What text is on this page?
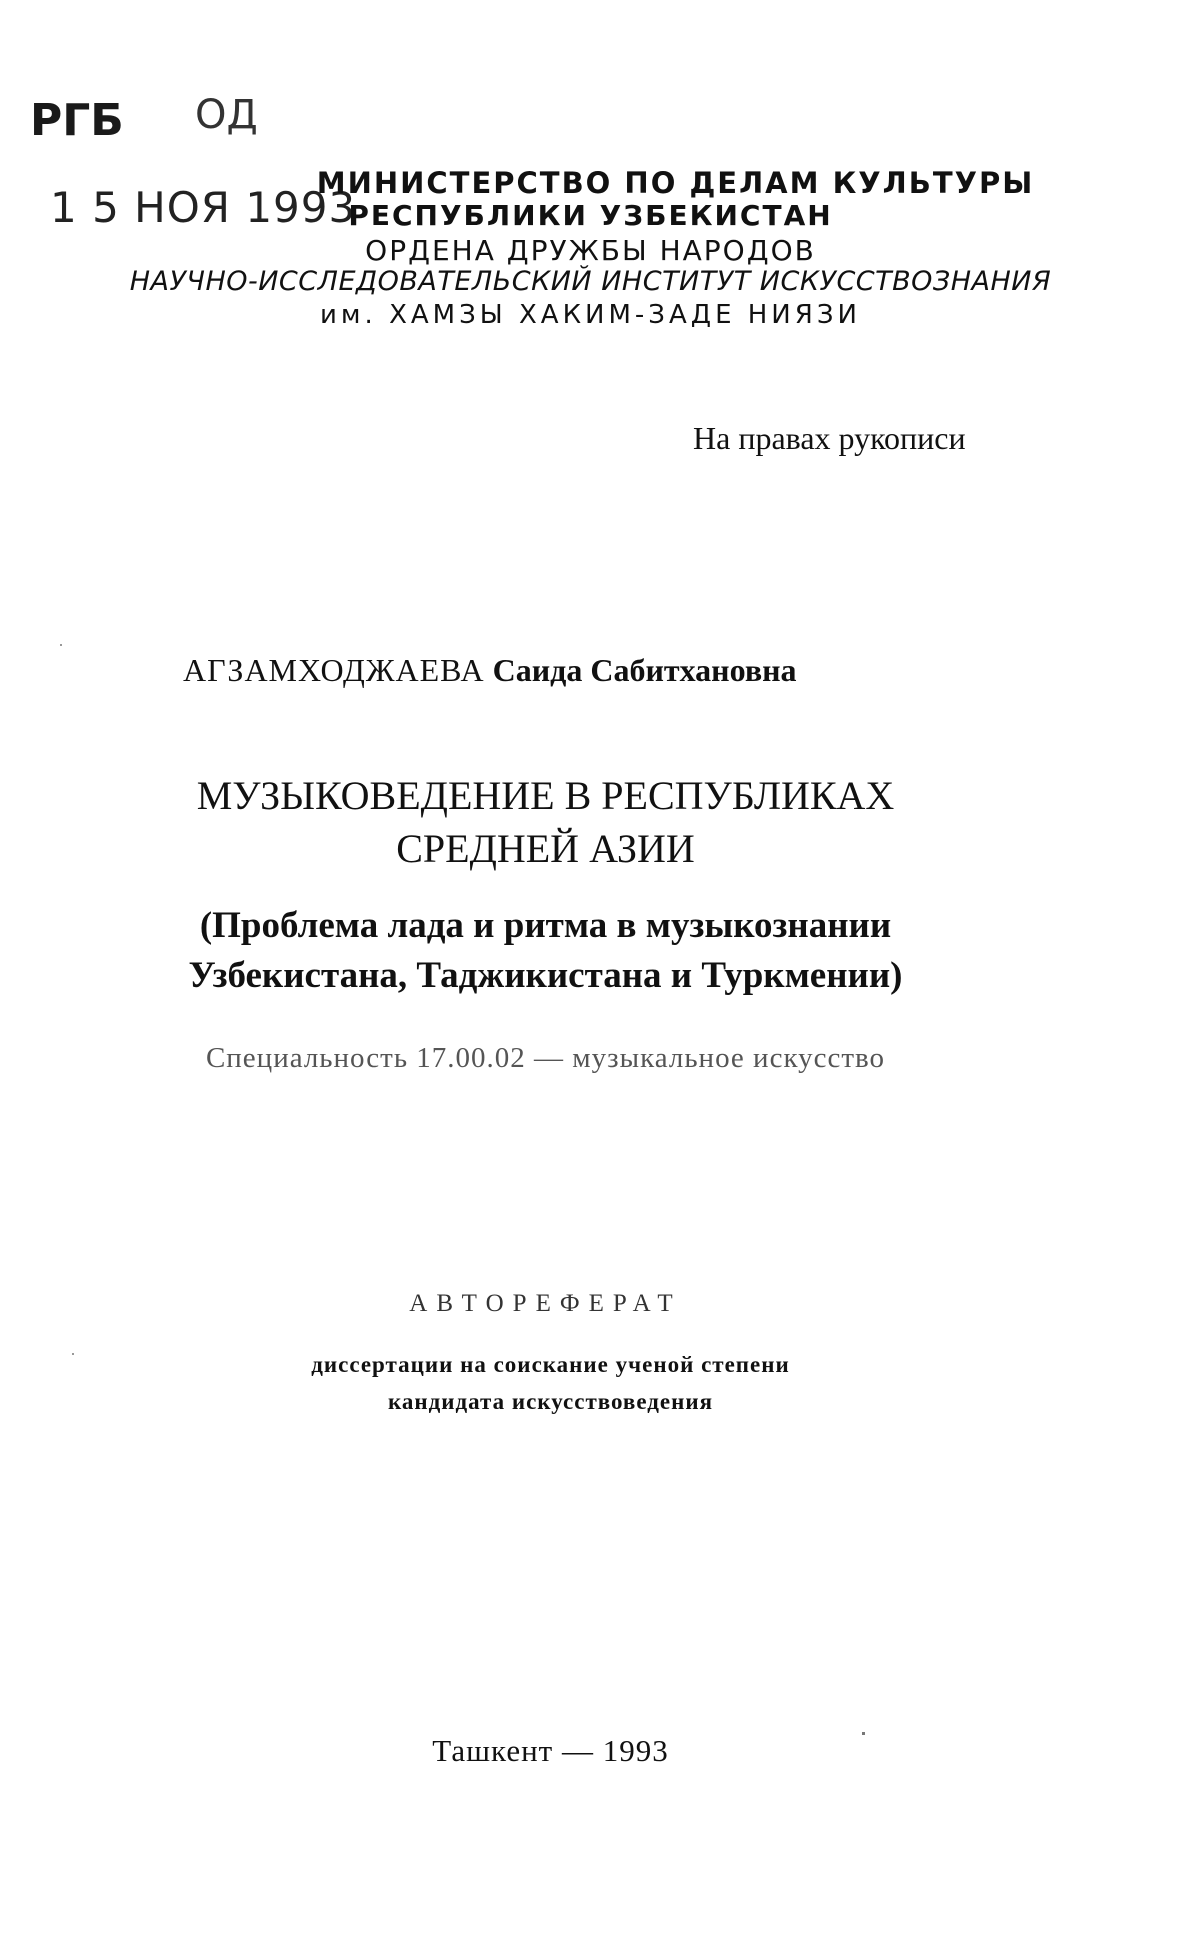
РГБ ОД
1 5 НОЯ 1993
МИНИСТЕРСТВО ПО ДЕЛАМ КУЛЬТУРЫ
РЕСПУБЛИКИ УЗБЕКИСТАН
ОРДЕНА ДРУЖБЫ НАРОДОВ
НАУЧНО-ИССЛЕДОВАТЕЛЬСКИЙ ИНСТИТУТ ИСКУССТВОЗНАНИЯ
им. ХАМЗЫ ХАКИМ-ЗАДЕ НИЯЗИ
На правах рукописи
АГЗАМХОДЖАЕВА Саида Сабитхановна
МУЗЫКОВЕДЕНИЕ В РЕСПУБЛИКАХ
СРЕДНЕЙ АЗИИ
(Проблема лада и ритма в музыкознании
Узбекистана, Таджикистана и Туркмении)
Специальность 17.00.02 — музыкальное искусство
АВТОРЕФЕРАТ
диссертации на соискание ученой степени
кандидата искусствоведения
Ташкент — 1993
